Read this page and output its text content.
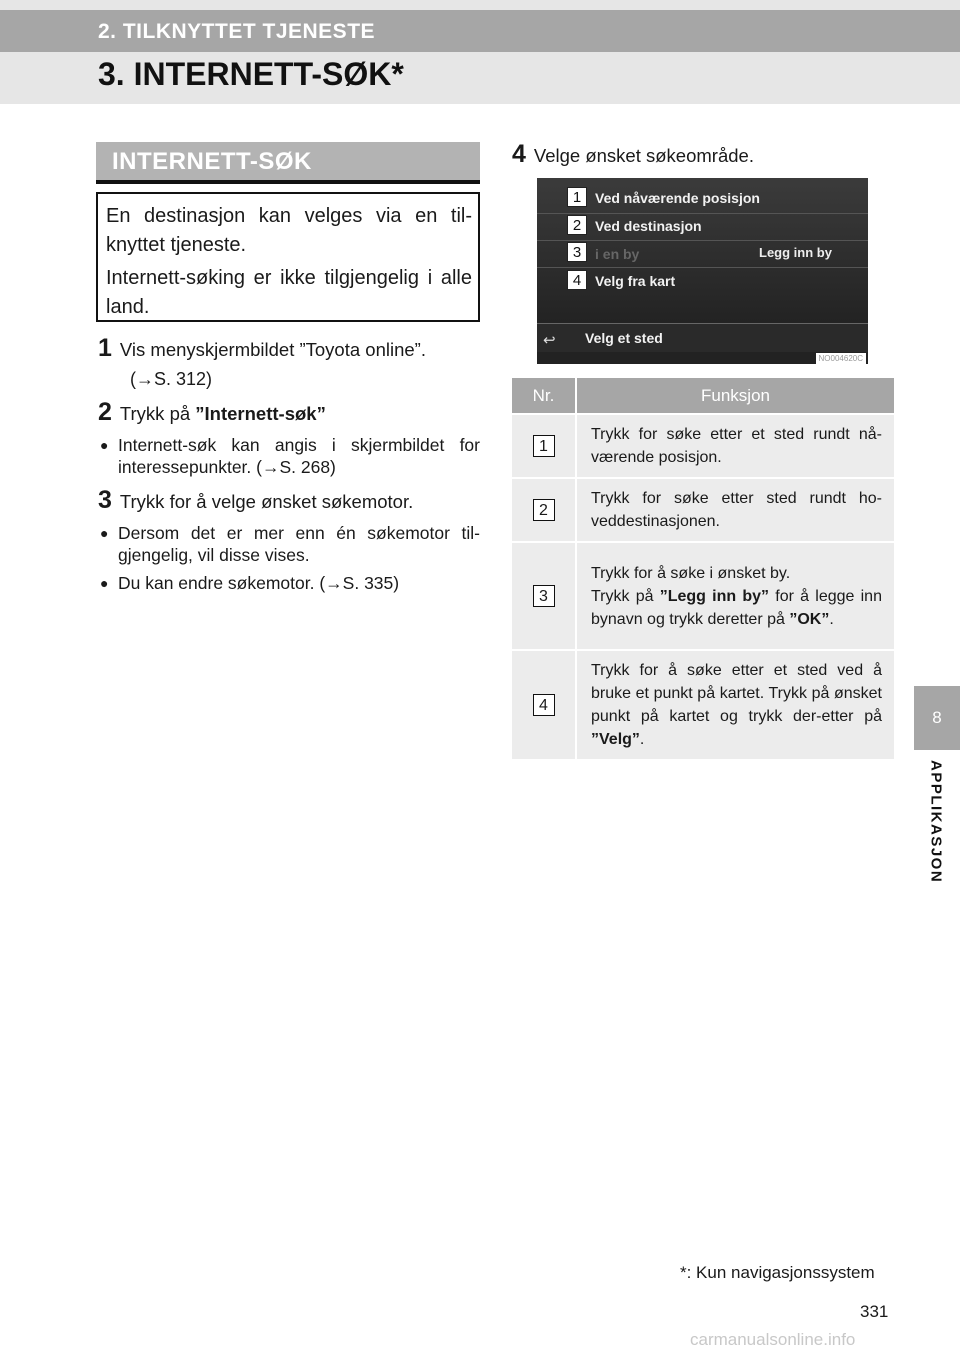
2. TILKNYTTET TJENESTE
3. INTERNETT-SØK*
8
APPLIKASJON
INTERNETT-SØK

En destinasjon kan velges via en til-knyttet tjeneste.

Internett-søking er ikke tilgjengelig i alle land.

1 Vis menyskjermbildet ”Toyota online”.
(→S. 312)
2 Trykk på ”Internett-søk”
● Internett-søk kan angis i skjermbildet for interessepunkter. (→S. 268)
3 Trykk for å velge ønsket søkemotor.
● Dersom det er mer enn én søkemotor til-gjengelig, vil disse vises.
● Du kan endre søkemotor. (→S. 335)
4 Velge ønsket søkeområde.
1 Ved nåværende posisjon
2 Ved destinasjon
3 i en by	Legg inn by
4 Velg fra kart
↩ Velg et sted
NO004620C
Nr.	Funksjon
1	Trykk for søke etter et sted rundt nå-værende posisjon.
2	Trykk for søke etter sted rundt ho-veddestinasjonen.
3	Trykk for å søke i ønsket by.
Trykk på ”Legg inn by” for å legge inn bynavn og trykk deretter på ”OK”.
4	Trykk for å søke etter et sted ved å bruke et punkt på kartet. Trykk på ønsket punkt på kartet og trykk der-etter på ”Velg”.
*: Kun navigasjonssystem
331
carmanualsonline.info
